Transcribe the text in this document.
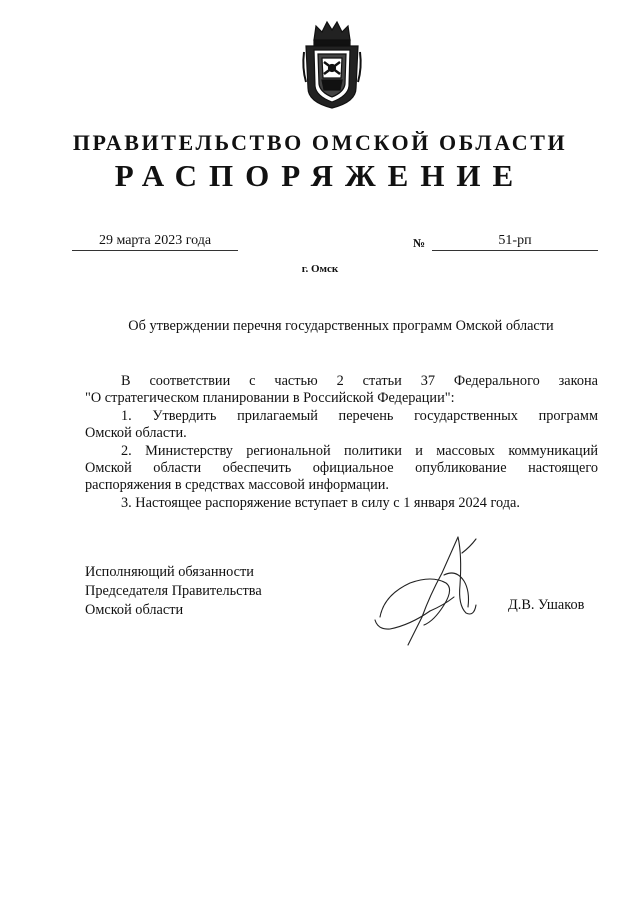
ПРАВИТЕЛЬСТВО ОМСКОЙ ОБЛАСТИ
РАСПОРЯЖЕНИЕ
29 марта 2023 года	№	51-рп
г. Омск
Об утверждении перечня государственных программ Омской области

В соответствии с частью 2 статьи 37 Федерального закона

"О стратегическом планировании в Российской Федерации":

1. Утвердить прилагаемый перечень государственных программ

Омской области.

2. Министерству региональной политики и массовых коммуникаций

Омской области обеспечить официальное опубликование настоящего

распоряжения в средствах массовой информации.

3. Настоящее распоряжение вступает в силу с 1 января 2024 года.

Исполняющий обязанности
Председателя Правительства
Омской области	Д.В. Ушаков
